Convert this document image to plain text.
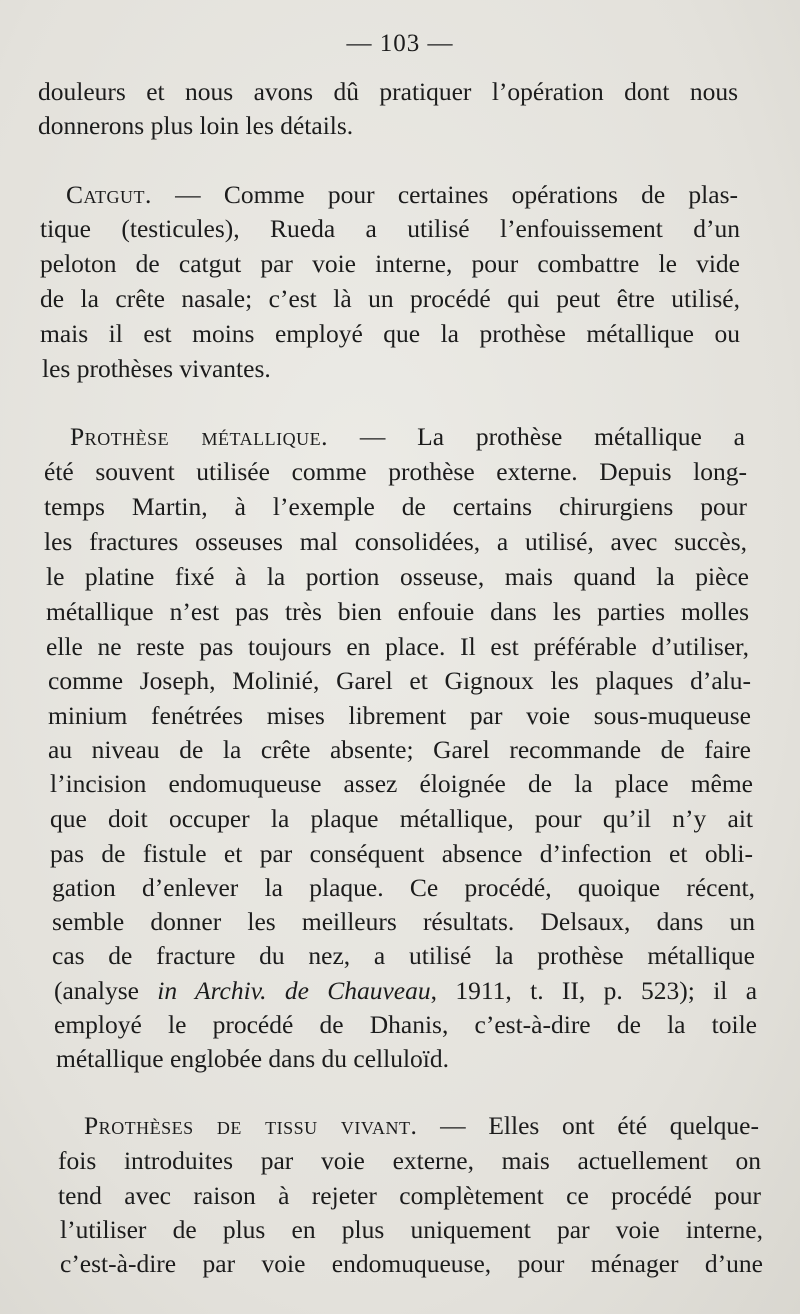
— 103 —
douleurs et nous avons dû pratiquer l’opération dont nous
donnerons plus loin les détails.
Catgut. — Comme pour certaines opérations de plas-
tique (testicules), Rueda a utilisé l’enfouissement d’un
peloton de catgut par voie interne, pour combattre le vide
de la crête nasale; c’est là un procédé qui peut être utilisé,
mais il est moins employé que la prothèse métallique ou
les prothèses vivantes.
Prothèse métallique. — La prothèse métallique a
été souvent utilisée comme prothèse externe. Depuis long-
temps Martin, à l’exemple de certains chirurgiens pour
les fractures osseuses mal consolidées, a utilisé, avec succès,
le platine fixé à la portion osseuse, mais quand la pièce
métallique n’est pas très bien enfouie dans les parties molles
elle ne reste pas toujours en place. Il est préférable d’utiliser,
comme Joseph, Molinié, Garel et Gignoux les plaques d’alu-
minium fenétrées mises librement par voie sous-muqueuse
au niveau de la crête absente; Garel recommande de faire
l’incision endomuqueuse assez éloignée de la place même
que doit occuper la plaque métallique, pour qu’il n’y ait
pas de fistule et par conséquent absence d’infection et obli-
gation d’enlever la plaque. Ce procédé, quoique récent,
semble donner les meilleurs résultats. Delsaux, dans un
cas de fracture du nez, a utilisé la prothèse métallique
(analyse in Archiv. de Chauveau, 1911, t. II, p. 523); il a
employé le procédé de Dhanis, c’est-à-dire de la toile
métallique englobée dans du celluloïd.
Prothèses de tissu vivant. — Elles ont été quelque-
fois introduites par voie externe, mais actuellement on
tend avec raison à rejeter complètement ce procédé pour
l’utiliser de plus en plus uniquement par voie interne,
c’est-à-dire par voie endomuqueuse, pour ménager d’une
